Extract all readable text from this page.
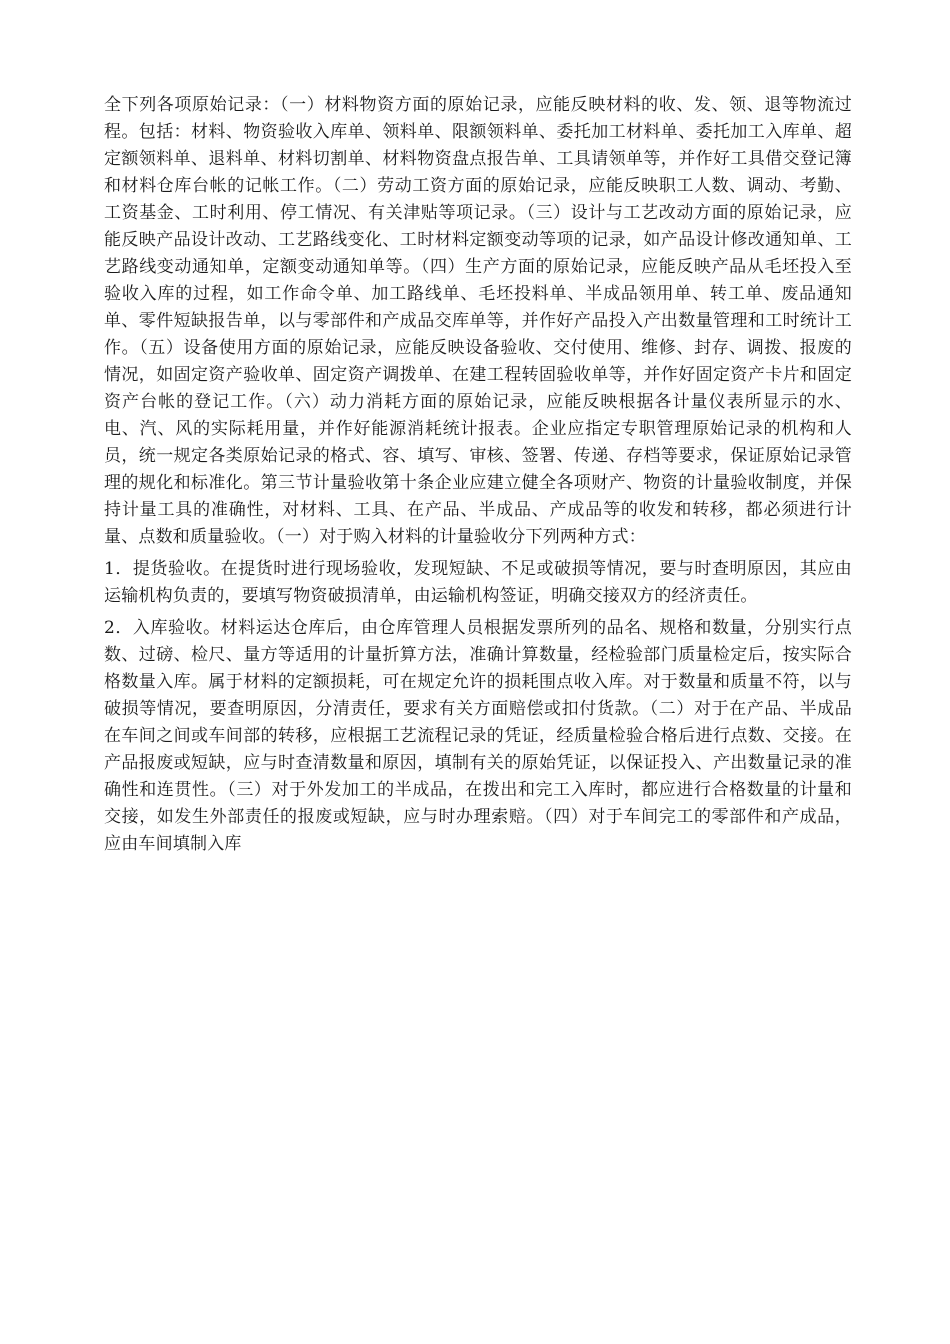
全下列各项原始记录：（一）材料物资方面的原始记录，应能反映材料的收、发、领、退等物流过程。包括：材料、物资验收入库单、领料单、限额领料单、委托加工材料单、委托加工入库单、超定额领料单、退料单、材料切割单、材料物资盘点报告单、工具请领单等，并作好工具借交登记簿和材料仓库台帐的记帐工作。（二）劳动工资方面的原始记录，应能反映职工人数、调动、考勤、工资基金、工时利用、停工情况、有关津贴等项记录。（三）设计与工艺改动方面的原始记录，应能反映产品设计改动、工艺路线变化、工时材料定额变动等项的记录，如产品设计修改通知单、工艺路线变动通知单，定额变动通知单等。（四）生产方面的原始记录，应能反映产品从毛坯投入至验收入库的过程，如工作命令单、加工路线单、毛坯投料单、半成品领用单、转工单、废品通知单、零件短缺报告单，以与零部件和产成品交库单等，并作好产品投入产出数量管理和工时统计工作。（五）设备使用方面的原始记录，应能反映设备验收、交付使用、维修、封存、调拨、报废的情况，如固定资产验收单、固定资产调拨单、在建工程转固验收单等，并作好固定资产卡片和固定资产台帐的登记工作。（六）动力消耗方面的原始记录，应能反映根据各计量仪表所显示的水、电、汽、风的实际耗用量，并作好能源消耗统计报表。企业应指定专职管理原始记录的机构和人员，统一规定各类原始记录的格式、容、填写、审核、签署、传递、存档等要求，保证原始记录管理的规化和标准化。第三节计量验收第十条企业应建立健全各项财产、物资的计量验收制度，并保持计量工具的准确性，对材料、工具、在产品、半成品、产成品等的收发和转移，都必须进行计量、点数和质量验收。（一）对于购入材料的计量验收分下列两种方式：

1．提货验收。在提货时进行现场验收，发现短缺、不足或破损等情况，要与时查明原因，其应由运输机构负责的，要填写物资破损清单，由运输机构签证，明确交接双方的经济责任。

2．入库验收。材料运达仓库后，由仓库管理人员根据发票所列的品名、规格和数量，分别实行点数、过磅、检尺、量方等适用的计量折算方法，准确计算数量，经检验部门质量检定后，按实际合格数量入库。属于材料的定额损耗，可在规定允许的损耗围点收入库。对于数量和质量不符，以与破损等情况，要查明原因，分清责任，要求有关方面赔偿或扣付货款。（二）对于在产品、半成品在车间之间或车间部的转移，应根据工艺流程记录的凭证，经质量检验合格后进行点数、交接。在产品报废或短缺，应与时查清数量和原因，填制有关的原始凭证，以保证投入、产出数量记录的准确性和连贯性。（三）对于外发加工的半成品，在拨出和完工入库时，都应进行合格数量的计量和交接，如发生外部责任的报废或短缺，应与时办理索赔。（四）对于车间完工的零部件和产成品，应由车间填制入库
